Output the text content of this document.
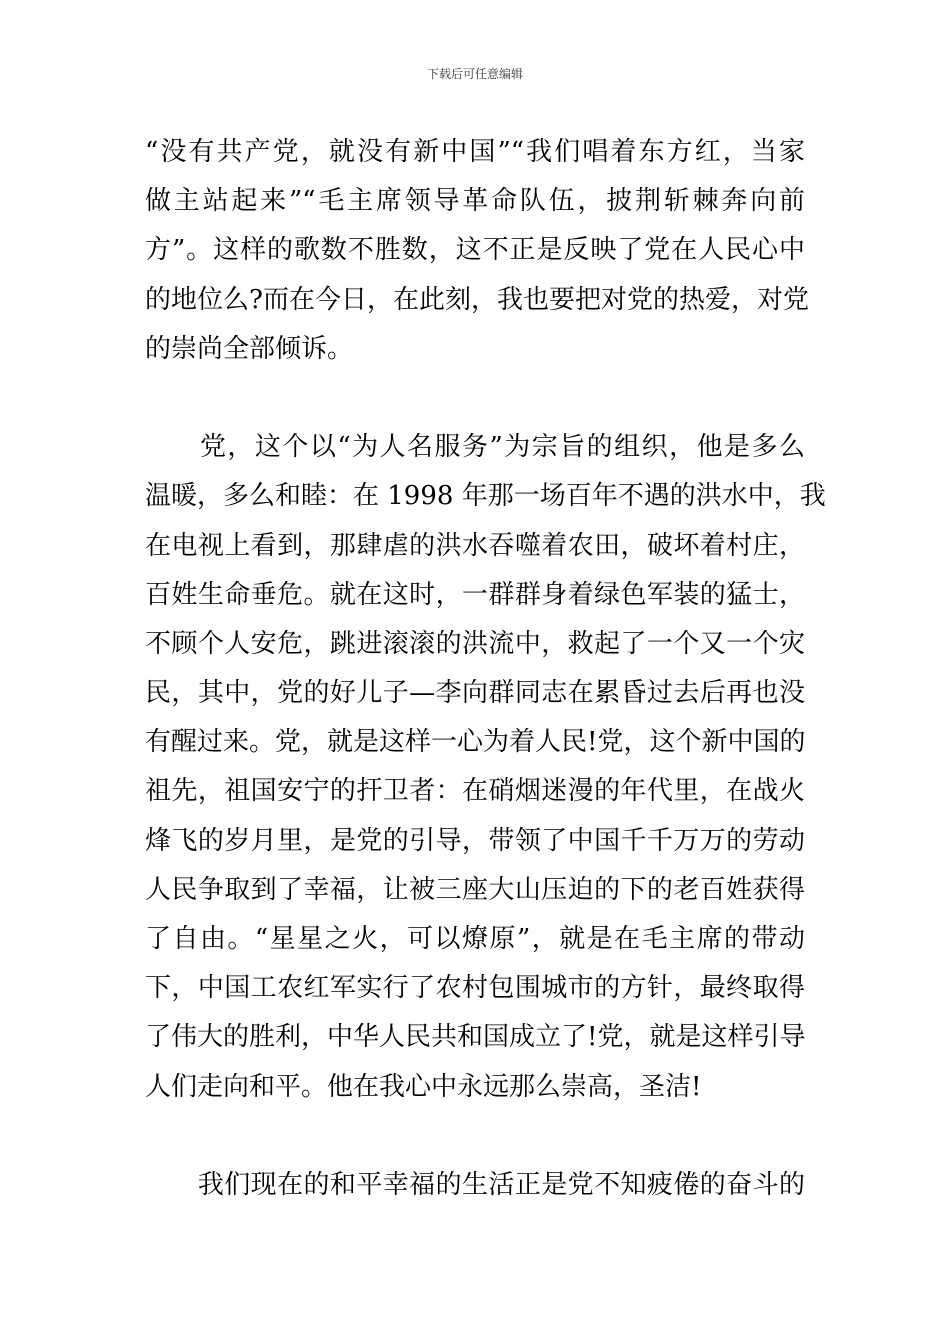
下载后可任意编辑
“没有共产党，就没有新中国”“我们唱着东方红，当家
做主站起来”“毛主席领导革命队伍，披荆斩棘奔向前
方”。这样的歌数不胜数，这不正是反映了党在人民心中
的地位么?而在今日，在此刻，我也要把对党的热爱，对党
的崇尚全部倾诉。
　　党，这个以“为人名服务”为宗旨的组织，他是多么
温暖，多么和睦：在 1998 年那一场百年不遇的洪水中，我
在电视上看到，那肆虐的洪水吞噬着农田，破坏着村庄，
百姓生命垂危。就在这时，一群群身着绿色军装的猛士，
不顾个人安危，跳进滚滚的洪流中，救起了一个又一个灾
民，其中，党的好儿子—李向群同志在累昏过去后再也没
有醒过来。党，就是这样一心为着人民!党，这个新中国的
祖先，祖国安宁的扞卫者：在硝烟迷漫的年代里，在战火
烽飞的岁月里，是党的引导，带领了中国千千万万的劳动
人民争取到了幸福，让被三座大山压迫的下的老百姓获得
了自由。“星星之火，可以燎原”，就是在毛主席的带动
下，中国工农红军实行了农村包围城市的方针，最终取得
了伟大的胜利，中华人民共和国成立了!党，就是这样引导
人们走向和平。他在我心中永远那么崇高，圣洁!
　　我们现在的和平幸福的生活正是党不知疲倦的奋斗的
